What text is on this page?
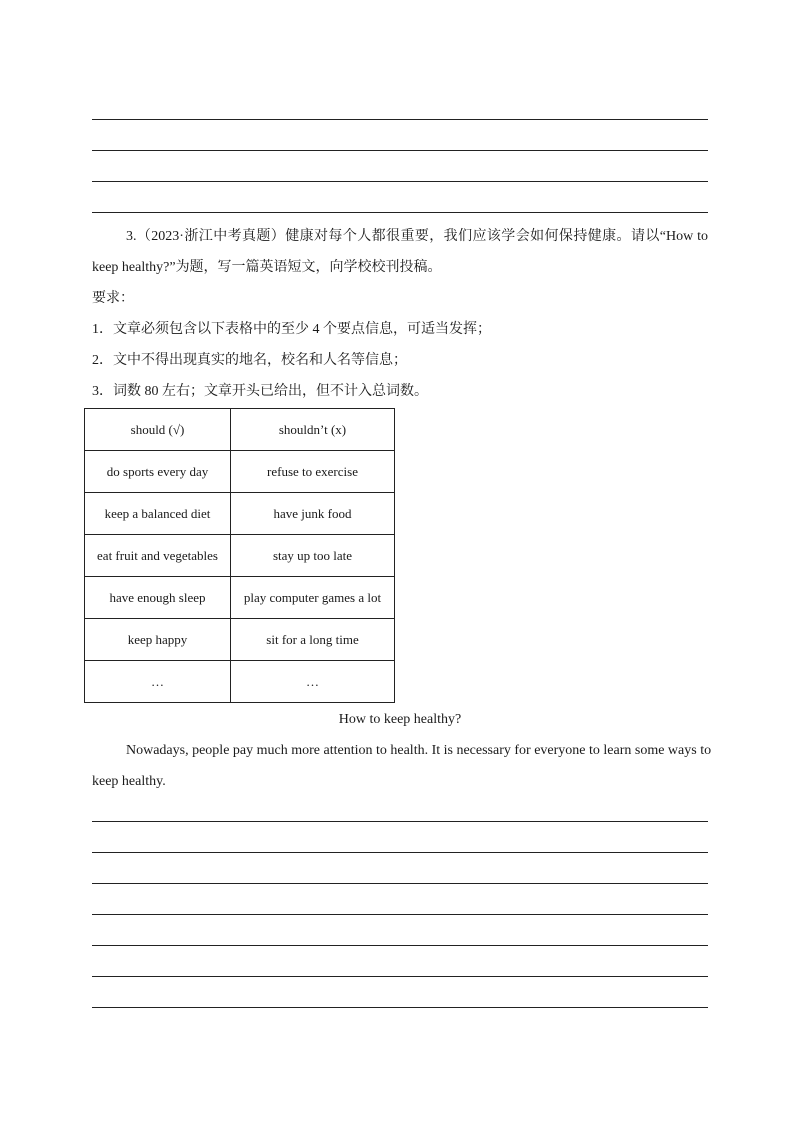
3.（2023·浙江中考真题）健康对每个人都很重要，我们应该学会如何保持健康。请以“How to
keep healthy?”为题，写一篇英语短文，向学校校刊投稿。
要求：
1．文章必须包含以下表格中的至少 4 个要点信息，可适当发挥；
2．文中不得出现真实的地名，校名和人名等信息；
3．词数 80 左右；文章开头已给出，但不计入总词数。
should (√)	shouldn’t (x)
do sports every day	refuse to exercise
keep a balanced diet	have junk food
eat fruit and vegetables	stay up too late
have enough sleep	play computer games a lot
keep happy	sit for a long time
…	…
How to keep healthy?
Nowadays, people pay much more attention to health. It is necessary for everyone to learn some ways to
keep healthy.
